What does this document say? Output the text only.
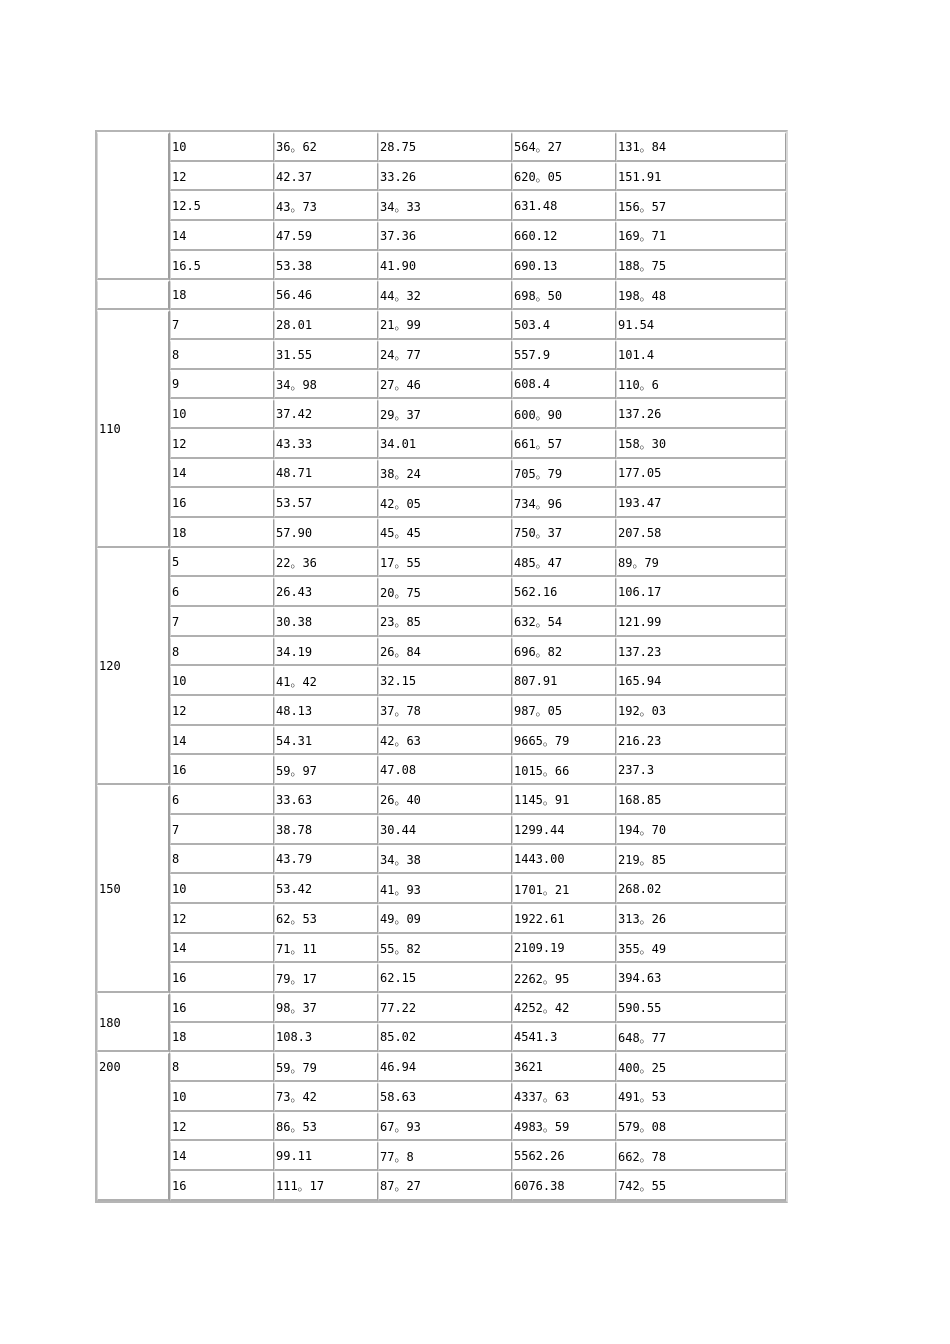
	10	36。62	28.75	564。27	131。84
	12	42.37	33.26	620。05	151.91
	12.5	43。73	34。33	631.48	156。57
	14	47.59	37.36	660.12	169。71
	16.5	53.38	41.90	690.13	188。75
	18	56.46	44。32	698。50	198。48
110	7	28.01	21。99	503.4	91.54
	8	31.55	24。77	557.9	101.4
	9	34。98	27。46	608.4	110。6
	10	37.42	29。37	600。90	137.26
	12	43.33	34.01	661。57	158。30
	14	48.71	38。24	705。79	177.05
	16	53.57	42。05	734。96	193.47
	18	57.90	45。45	750。37	207.58
120	5	22。36	17。55	485。47	89。79
	6	26.43	20。75	562.16	106.17
	7	30.38	23。85	632。54	121.99
	8	34.19	26。84	696。82	137.23
	10	41。42	32.15	807.91	165.94
	12	48.13	37。78	987。05	192。03
	14	54.31	42。63	9665。79	216.23
	16	59。97	47.08	1015。66	237.3
150	6	33.63	26。40	1145。91	168.85
	7	38.78	30.44	1299.44	194。70
	8	43.79	34。38	1443.00	219。85
	10	53.42	41。93	1701。21	268.02
	12	62。53	49。09	1922.61	313。26
	14	71。11	55。82	2109.19	355。49
	16	79。17	62.15	2262。95	394.63
180	16	98。37	77.22	4252。42	590.55
	18	108.3	85.02	4541.3	648。77
200	8	59。79	46.94	3621	400。25
	10	73。42	58.63	4337。63	491。53
	12	86。53	67。93	4983。59	579。08
	14	99.11	77。8	5562.26	662。78
	16	111。17	87。27	6076.38	742。55
